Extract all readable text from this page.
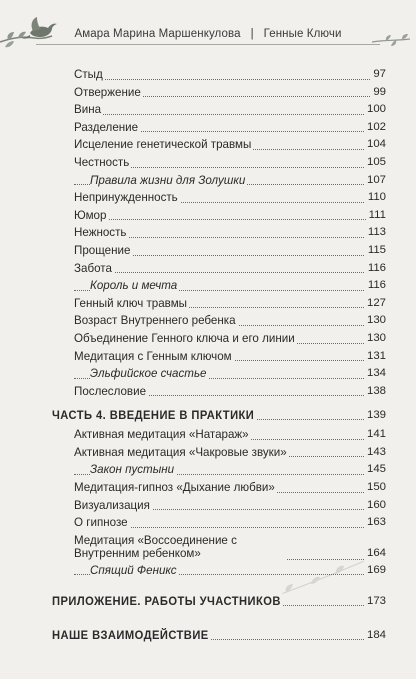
Амара Марина Маршенкулова | Генные Ключи
Стыд	97
Отвержение	99
Вина	100
Разделение	102
Исцеление генетической травмы	104
Честность	105
Правила жизни для Золушки	107
Непринужденность	110
Юмор	111
Нежность	113
Прощение	115
Забота	116
Король и мечта	116
Генный ключ травмы	127
Возраст Внутреннего ребенка	130
Объединение Генного ключа и его линии	130
Медитация с Генным ключом	131
Эльфийское счастье	134
Послесловие	138
ЧАСТЬ 4. ВВЕДЕНИЕ В ПРАКТИКИ	139
Активная медитация «Натараж»	141
Активная медитация «Чакровые звуки»	143
Закон пустыни	145
Медитация-гипноз «Дыхание любви»	150
Визуализация	160
О гипнозе	163
Медитация «Воссоединение с Внутренним ребенком»	164
Спящий Феникс	169
ПРИЛОЖЕНИЕ. РАБОТЫ УЧАСТНИКОВ	173
НАШЕ ВЗАИМОДЕЙСТВИЕ	184
